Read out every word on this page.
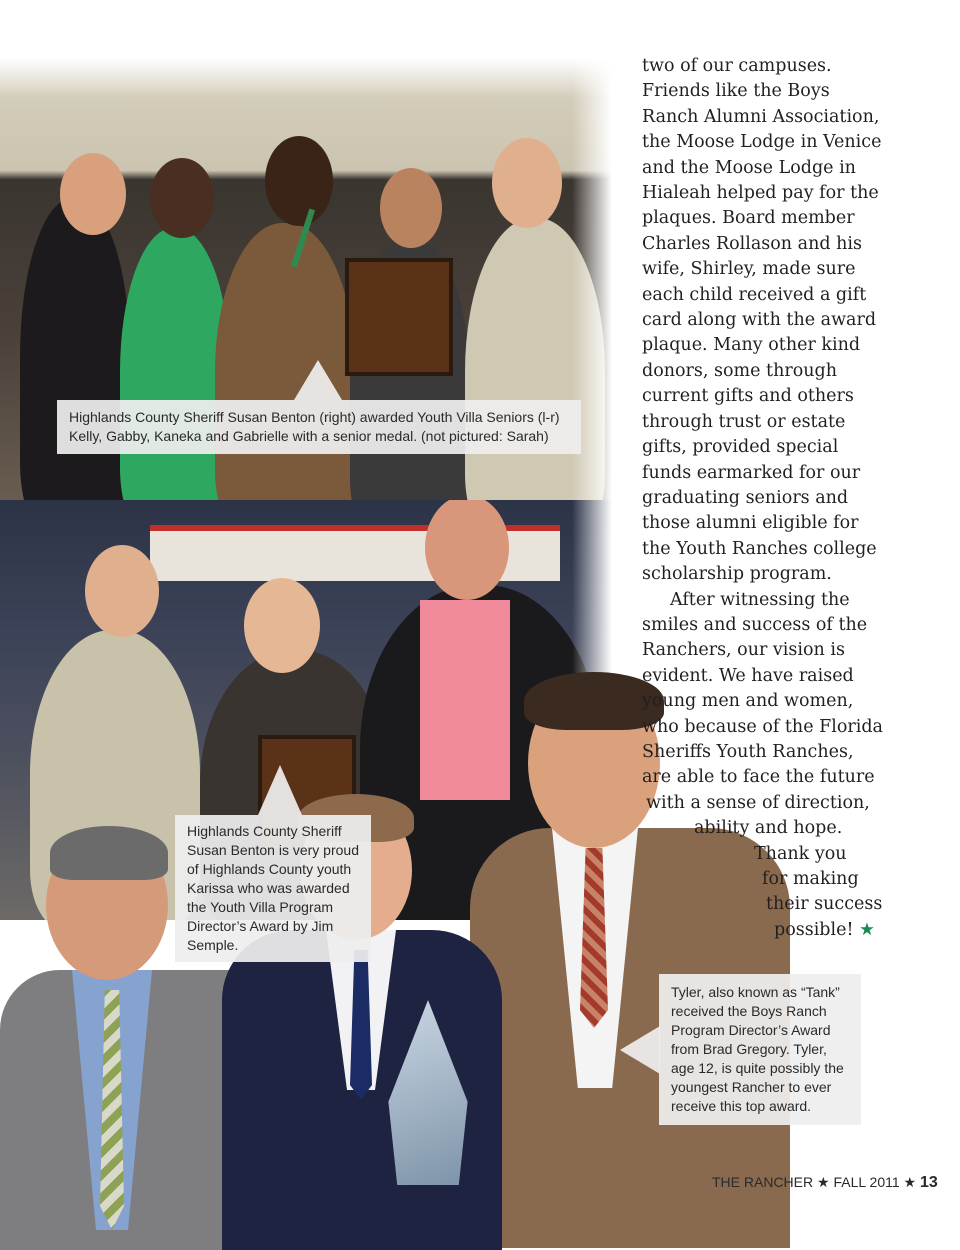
Highlands County Sheriff Susan Benton (right) awarded Youth Villa Seniors (l-r) Kelly, Gabby, Kaneka and Gabrielle with a senior medal. (not pictured: Sarah)
Highlands County Sheriff Susan Benton is very proud of Highlands County youth Karissa who was awarded the Youth Villa Program Director’s Award by Jim Semple.
Tyler, also known as “Tank” received the Boys Ranch Program Director’s Award from Brad Gregory. Tyler, age 12, is quite possibly the youngest Rancher to ever receive this top award.

two of our campuses.
Friends like the Boys
Ranch Alumni Association,
the Moose Lodge in Venice
and the Moose Lodge in
Hialeah helped pay for the
plaques. Board member
Charles Rollason and his
wife, Shirley, made sure
each child received a gift
card along with the award
plaque. Many other kind
donors, some through
current gifts and others
through trust or estate
gifts, provided special
funds earmarked for our
graduating seniors and
those alumni eligible for
the Youth Ranches college
scholarship program.

After witnessing the
smiles and success of the
Ranchers, our vision is
evident. We have raised
young men and women,
who because of the Florida
Sheriffs Youth Ranches,
are able to face the future
with a sense of direction,
ability and hope.
Thank you
for making
their success
possible! ★

THE RANCHER ★ FALL 2011 ★ 13
